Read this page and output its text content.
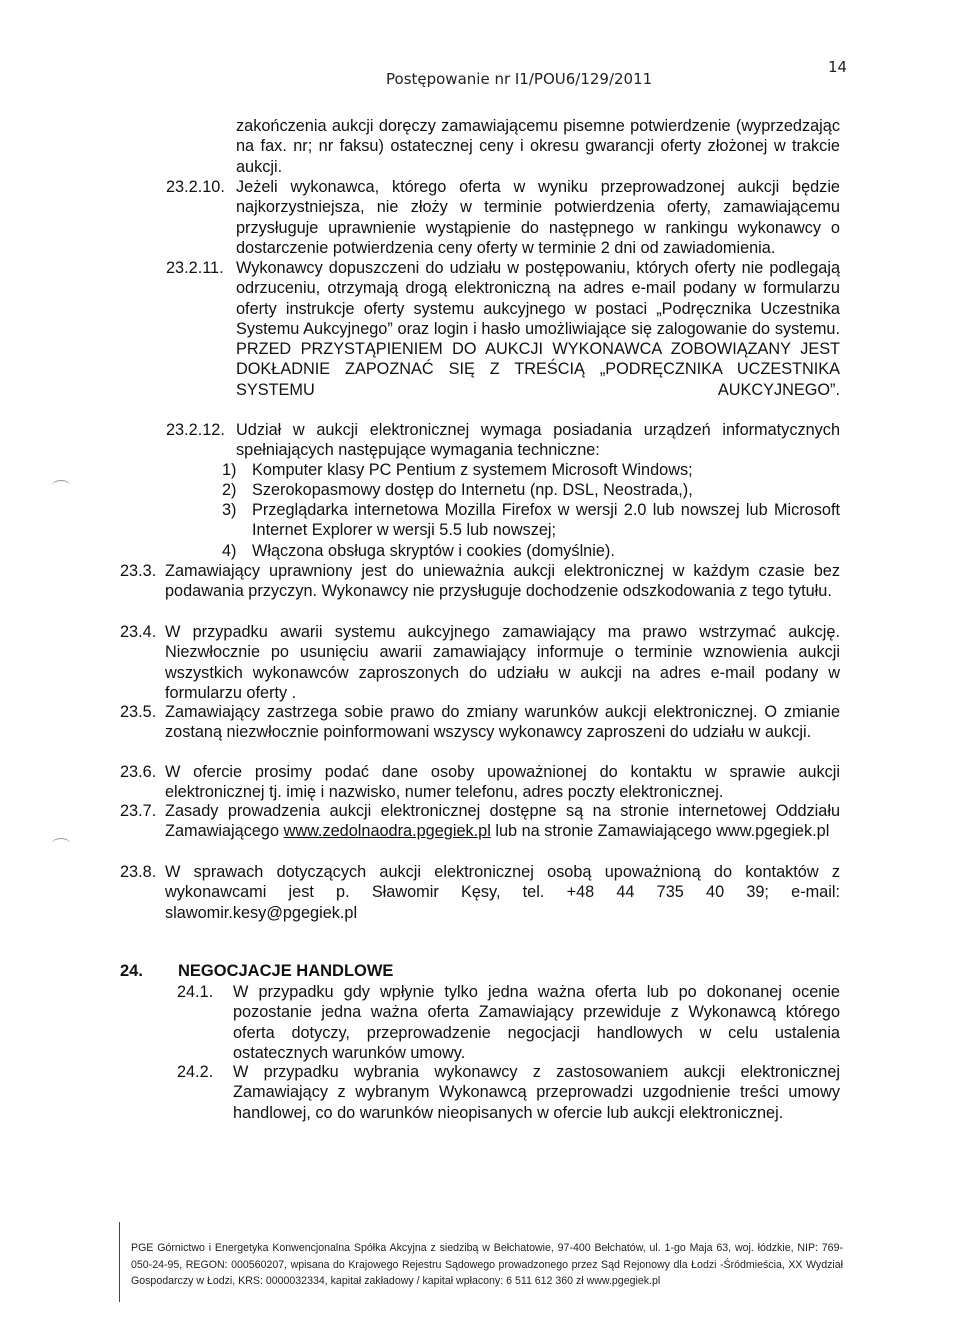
Postępowanie nr I1/POU6/129/2011
14
zakończenia aukcji doręczy zamawiającemu pisemne potwierdzenie (wyprzedzając na fax. nr; nr faksu) ostatecznej ceny i okresu gwarancji oferty złożonej w trakcie aukcji.
23.2.10. Jeżeli wykonawca, którego oferta w wyniku przeprowadzonej aukcji będzie najkorzystniejsza, nie złoży w terminie potwierdzenia oferty, zamawiającemu przysługuje uprawnienie wystąpienie do następnego w rankingu wykonawcy o dostarczenie potwierdzenia ceny oferty w terminie 2 dni od zawiadomienia.
23.2.11. Wykonawcy dopuszczeni do udziału w postępowaniu, których oferty nie podlegają odrzuceniu, otrzymają drogą elektroniczną na adres e-mail podany w formularzu oferty instrukcje oferty systemu aukcyjnego w postaci „Podręcznika Uczestnika Systemu Aukcyjnego” oraz login i hasło umożliwiające się zalogowanie do systemu. PRZED PRZYSTĄPIENIEM DO AUKCJI WYKONAWCA ZOBOWIĄZANY JEST DOKŁADNIE ZAPOZNAĆ SIĘ Z TREŚCIĄ „PODRĘCZNIKA UCZESTNIKA SYSTEMU AUKCYJNEGO”.
23.2.12. Udział w aukcji elektronicznej wymaga posiadania urządzeń informatycznych spełniających następujące wymagania techniczne:
1) Komputer klasy PC Pentium z systemem Microsoft Windows;
2) Szerokopasmowy dostęp do Internetu (np. DSL, Neostrada,),
3) Przeglądarka internetowa Mozilla Firefox w wersji 2.0 lub nowszej lub Microsoft Internet Explorer w wersji 5.5 lub nowszej;
4) Włączona obsługa skryptów i cookies (domyślnie).
23.3. Zamawiający uprawniony jest do unieważnia aukcji elektronicznej w każdym czasie bez podawania przyczyn. Wykonawcy nie przysługuje dochodzenie odszkodowania z tego tytułu.
23.4. W przypadku awarii systemu aukcyjnego zamawiający ma prawo wstrzymać aukcję. Niezwłocznie po usunięciu awarii zamawiający informuje o terminie wznowienia aukcji wszystkich wykonawców zaproszonych do udziału w aukcji na adres e-mail podany w formularzu oferty .
23.5. Zamawiający zastrzega sobie prawo do zmiany warunków aukcji elektronicznej. O zmianie zostaną niezwłocznie poinformowani wszyscy wykonawcy zaproszeni do udziału w aukcji.
23.6. W ofercie prosimy podać dane osoby upoważnionej do kontaktu w sprawie aukcji elektronicznej tj. imię i nazwisko, numer telefonu, adres poczty elektronicznej.
23.7. Zasady prowadzenia aukcji elektronicznej dostępne są na stronie internetowej Oddziału Zamawiającego www.zedolnaodra.pgegiek.pl lub na stronie Zamawiającego www.pgegiek.pl
23.8. W sprawach dotyczących aukcji elektronicznej osobą upoważnioną do kontaktów z wykonawcami jest p. Sławomir Kęsy, tel. +48 44 735 40 39; e-mail: slawomir.kesy@pgegiek.pl
24. NEGOCJACJE HANDLOWE
24.1. W przypadku gdy wpłynie tylko jedna ważna oferta lub po dokonanej ocenie pozostanie jedna ważna oferta Zamawiający przewiduje z Wykonawcą którego oferta dotyczy, przeprowadzenie negocjacji handlowych w celu ustalenia ostatecznych warunków umowy.
24.2. W przypadku wybrania wykonawcy z zastosowaniem aukcji elektronicznej Zamawiający z wybranym Wykonawcą przeprowadzi uzgodnienie treści umowy handlowej, co do warunków nieopisanych w ofercie lub aukcji elektronicznej.
PGE Górnictwo i Energetyka Konwencjonalna Spółka Akcyjna z siedzibą w Bełchatowie, 97-400 Bełchatów, ul. 1-go Maja 63, woj. łódzkie, NIP: 769-050-24-95, REGON: 000560207, wpisana do Krajowego Rejestru Sądowego prowadzonego przez Sąd Rejonowy dla Łodzi -Śródmieścia, XX Wydział Gospodarczy w Łodzi, KRS: 0000032334, kapitał zakładowy / kapitał wpłacony: 6 511 612 360 zł www.pgegiek.pl
